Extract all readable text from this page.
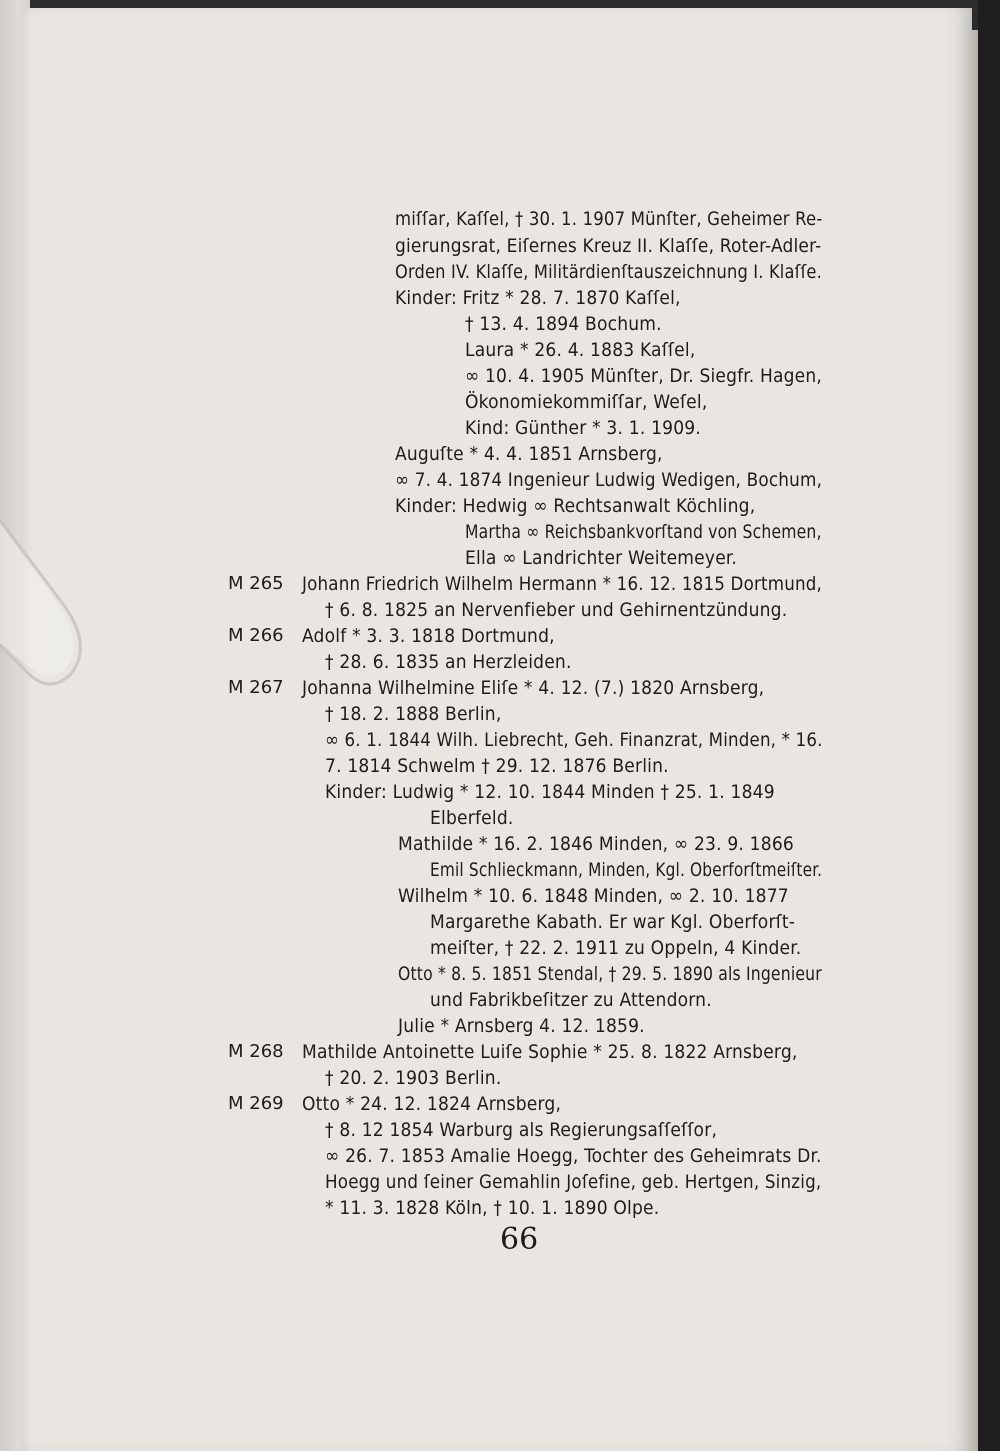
miſſar, Kaſſel, † 30. 1. 1907 Münſter, Geheimer Re-
gierungsrat, Eiſernes Kreuz II. Klaſſe, Roter-Adler-
Orden IV. Klaſſe, Militärdienſtauszeichnung I. Klaſſe.
Kinder: Fritz * 28. 7. 1870 Kaſſel,
† 13. 4. 1894 Bochum.
Laura * 26. 4. 1883 Kaſſel,
∞ 10. 4. 1905 Münſter, Dr. Siegfr. Hagen,
Ökonomiekommiſſar, Weſel,
Kind: Günther * 3. 1. 1909.
Auguſte * 4. 4. 1851 Arnsberg,
∞ 7. 4. 1874 Ingenieur Ludwig Wedigen, Bochum,
Kinder: Hedwig ∞ Rechtsanwalt Köchling,
Martha ∞ Reichsbankvorſtand von Schemen,
Ella ∞ Landrichter Weitemeyer.
M 265 Johann Friedrich Wilhelm Hermann * 16. 12. 1815 Dortmund,
† 6. 8. 1825 an Nervenfieber und Gehirnentzündung.
M 266 Adolf * 3. 3. 1818 Dortmund,
† 28. 6. 1835 an Herzleiden.
M 267 Johanna Wilhelmine Eliſe * 4. 12. (7.) 1820 Arnsberg,
† 18. 2. 1888 Berlin,
∞ 6. 1. 1844 Wilh. Liebrecht, Geh. Finanzrat, Minden, * 16.
7. 1814 Schwelm † 29. 12. 1876 Berlin.
Kinder: Ludwig * 12. 10. 1844 Minden † 25. 1. 1849
Elberfeld.
Mathilde * 16. 2. 1846 Minden, ∞ 23. 9. 1866
Emil Schlieckmann, Minden, Kgl. Oberforſtmeiſter.
Wilhelm * 10. 6. 1848 Minden, ∞ 2. 10. 1877
Margarethe Kabath. Er war Kgl. Oberforſt-
meiſter, † 22. 2. 1911 zu Oppeln, 4 Kinder.
Otto * 8. 5. 1851 Stendal, † 29. 5. 1890 als Ingenieur
und Fabrikbeſitzer zu Attendorn.
Julie * Arnsberg 4. 12. 1859.
M 268 Mathilde Antoinette Luiſe Sophie * 25. 8. 1822 Arnsberg,
† 20. 2. 1903 Berlin.
M 269 Otto * 24. 12. 1824 Arnsberg,
† 8. 12 1854 Warburg als Regierungsaſſeſſor,
∞ 26. 7. 1853 Amalie Hoegg, Tochter des Geheimrats Dr.
Hoegg und ſeiner Gemahlin Joſefine, geb. Hertgen, Sinzig,
* 11. 3. 1828 Köln, † 10. 1. 1890 Olpe.
66
